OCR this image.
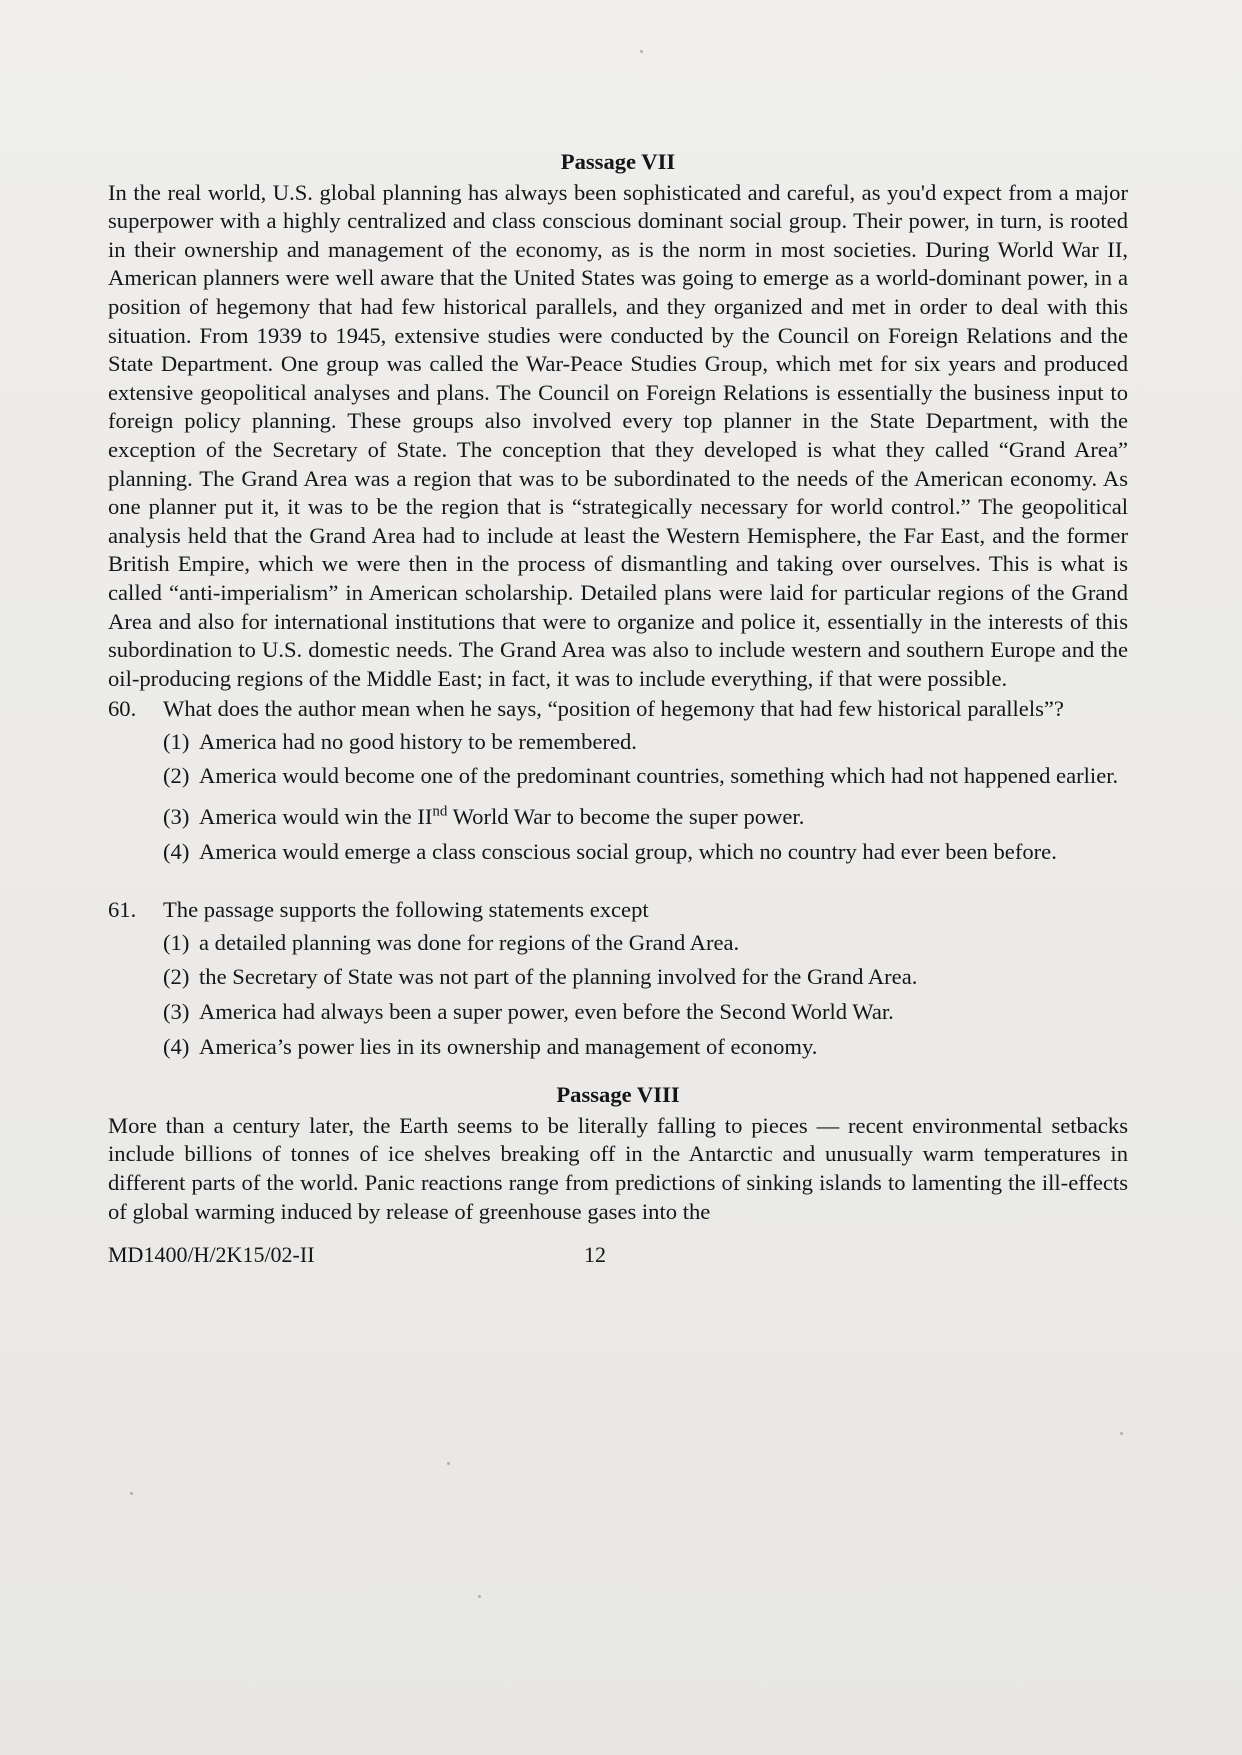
Passage VII

In the real world, U.S. global planning has always been sophisticated and careful, as you'd expect from a major superpower with a highly centralized and class conscious dominant social group. Their power, in turn, is rooted in their ownership and management of the economy, as is the norm in most societies. During World War II, American planners were well aware that the United States was going to emerge as a world-dominant power, in a position of hegemony that had few historical parallels, and they organized and met in order to deal with this situation. From 1939 to 1945, extensive studies were conducted by the Council on Foreign Relations and the State Department. One group was called the War-Peace Studies Group, which met for six years and produced extensive geopolitical analyses and plans. The Council on Foreign Relations is essentially the business input to foreign policy planning. These groups also involved every top planner in the State Department, with the exception of the Secretary of State. The conception that they developed is what they called “Grand Area” planning. The Grand Area was a region that was to be subordinated to the needs of the American economy. As one planner put it, it was to be the region that is “strategically necessary for world control.” The geopolitical analysis held that the Grand Area had to include at least the Western Hemisphere, the Far East, and the former British Empire, which we were then in the process of dismantling and taking over ourselves. This is what is called “anti-imperialism” in American scholarship. Detailed plans were laid for particular regions of the Grand Area and also for international institutions that were to organize and police it, essentially in the interests of this subordination to U.S. domestic needs. The Grand Area was also to include western and southern Europe and the oil-producing regions of the Middle East; in fact, it was to include everything, if that were possible.

60. What does the author mean when he says, “position of hegemony that had few historical parallels”?
(1) America had no good history to be remembered.
(2) America would become one of the predominant countries, something which had not happened earlier.
(3) America would win the IInd World War to become the super power.
(4) America would emerge a class conscious social group, which no country had ever been before.
61. The passage supports the following statements except
(1) a detailed planning was done for regions of the Grand Area.
(2) the Secretary of State was not part of the planning involved for the Grand Area.
(3) America had always been a super power, even before the Second World War.
(4) America’s power lies in its ownership and management of economy.
Passage VIII

More than a century later, the Earth seems to be literally falling to pieces — recent environmental setbacks include billions of tonnes of ice shelves breaking off in the Antarctic and unusually warm temperatures in different parts of the world. Panic reactions range from predictions of sinking islands to lamenting the ill-effects of global warming induced by release of greenhouse gases into the

MD1400/H/2K15/02-II	12
